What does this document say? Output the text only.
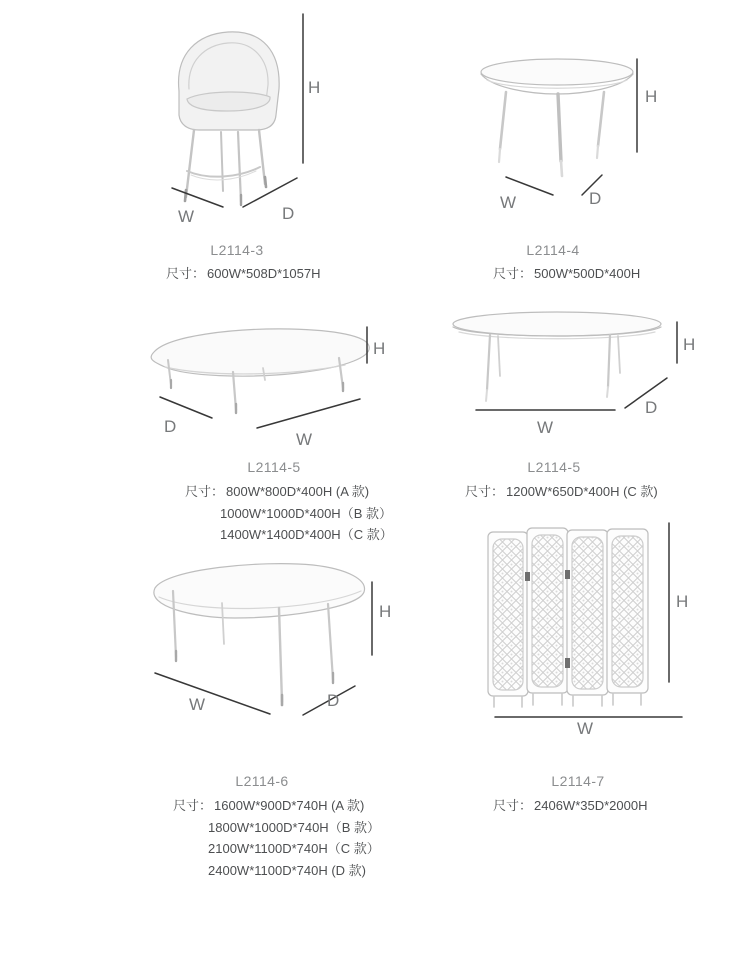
H
W	D
L2114-3
尺寸： 600W*508D*1057H
H
W	D
L2114-4
尺寸： 500W*500D*400H
H
D
W
L2114-5
尺寸： 800W*800D*400H (A 款)
1000W*1000D*400H（B 款）
1400W*1400D*400H（C 款）
H
D
W
L2114-5
尺寸： 1200W*650D*400H (C 款)
H
W	D
L2114-6
尺寸： 1600W*900D*740H (A 款)
1800W*1000D*740H（B 款）
2100W*1100D*740H（C 款）
2400W*1100D*740H (D 款)
H
W
L2114-7
尺寸： 2406W*35D*2000H
